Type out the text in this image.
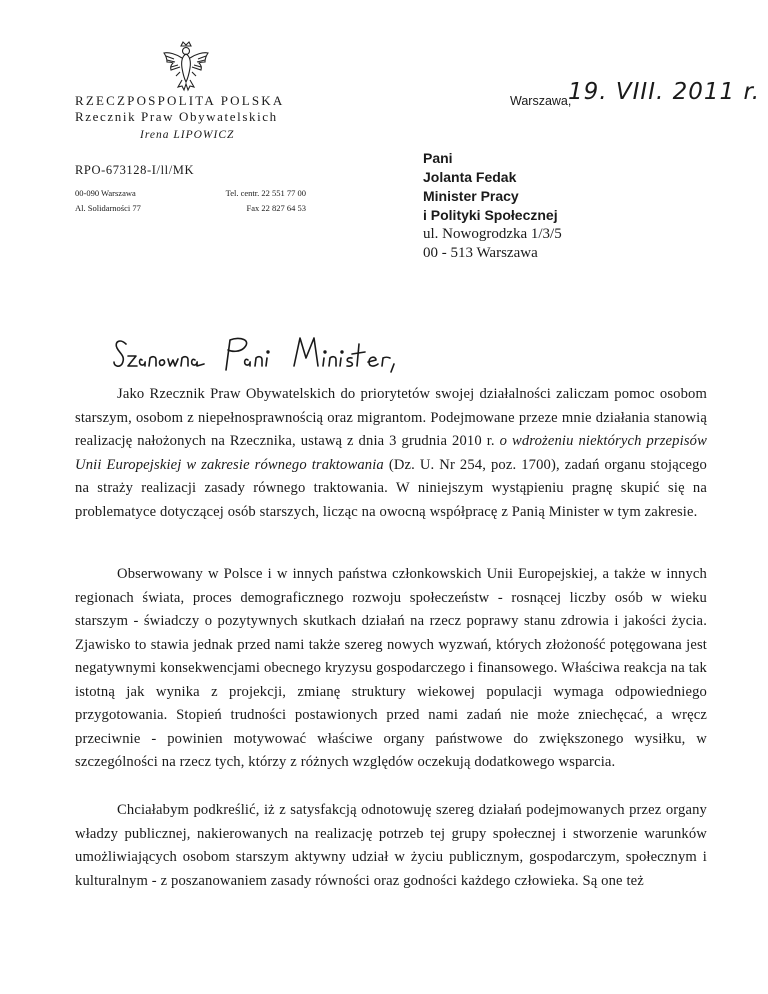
RZECZPOSPOLITA POLSKA
Rzecznik Praw Obywatelskich
Irena LIPOWICZ
RPO-673128-I/ll/MK
00-090 Warszawa
Al. Solidarności 77
Tel. centr. 22 551 77 00
Fax 22 827 64 53
Warszawa,
19. VIII. 2011 r.
Pani
Jolanta Fedak
Minister Pracy
i Polityki Społecznej
ul. Nowogrodzka 1/3/5
00 - 513 Warszawa

Jako Rzecznik Praw Obywatelskich do priorytetów swojej działalności zaliczam pomoc osobom starszym, osobom z niepełnosprawnością oraz migrantom. Podejmowane przeze mnie działania stanowią realizację nałożonych na Rzecznika, ustawą z dnia 3 grudnia 2010 r. o wdrożeniu niektórych przepisów Unii Europejskiej w zakresie równego traktowania (Dz. U. Nr 254, poz. 1700), zadań organu stojącego na straży realizacji zasady równego traktowania. W niniejszym wystąpieniu pragnę skupić się na problematyce dotyczącej osób starszych, licząc na owocną współpracę z Panią Minister w tym zakresie.

Obserwowany w Polsce i w innych państwa członkowskich Unii Europejskiej, a także w innych regionach świata, proces demograficznego rozwoju społeczeństw - rosnącej liczby osób w wieku starszym - świadczy o pozytywnych skutkach działań na rzecz poprawy stanu zdrowia i jakości życia. Zjawisko to stawia jednak przed nami także szereg nowych wyzwań, których złożoność potęgowana jest negatywnymi konsekwencjami obecnego kryzysu gospodarczego i finansowego. Właściwa reakcja na tak istotną jak wynika z projekcji, zmianę struktury wiekowej populacji wymaga odpowiedniego przygotowania. Stopień trudności postawionych przed nami zadań nie może zniechęcać, a wręcz przeciwnie - powinien motywować właściwe organy państwowe do zwiększonego wysiłku, w szczególności na rzecz tych, którzy z różnych względów oczekują dodatkowego wsparcia.

Chciałabym podkreślić, iż z satysfakcją odnotowuję szereg działań podejmowanych przez organy władzy publicznej, nakierowanych na realizację potrzeb tej grupy społecznej i stworzenie warunków umożliwiających osobom starszym aktywny udział w życiu publicznym, gospodarczym, społecznym i kulturalnym - z poszanowaniem zasady równości oraz godności każdego człowieka. Są one też
